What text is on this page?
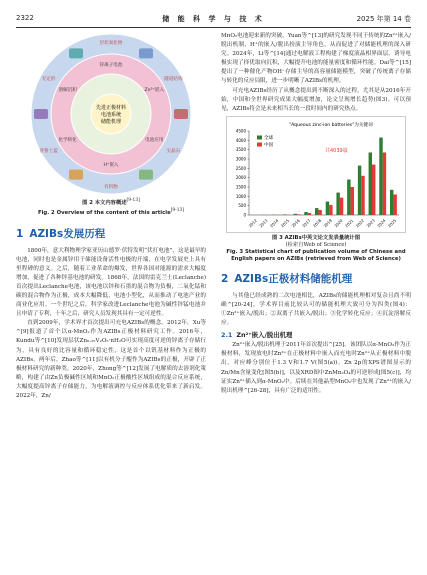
2322	储 能 科 学 与 技 术	2025 年第 14 卷
锌离子电池
Zn²⁺嵌入
电池应用
H⁺嵌入
化学转化
溶解沉积
层状氧化物
隧道结构
尖晶石
有机物
普鲁士蓝
无定形
先进正极材料
电池系统
储能机理

图 2 本文内容概述[9-13]

Fig. 2 Overview of the content of this article[9-13]

1 AZIBs发展历程

1800年，意大利物理学家亚历山德罗·伏特发明“伏打电池”，这是最早的电池，同时也是金属锌用于储能设备活性电极的开端，在电学发展史上具有里程碑的意义。之后，随着工业革命的爆发，世界各国对能源的需求大幅度增加，促进了各种锌基电池的研发。1868年，法国的雷克兰士(Leclanche)首次提出Leclanche电池，该电池以锌和石墨的混合物为负极，二氧化锰和碳的混合物作为正极，成本大幅降低，电池小型化，从而推动了电池产业的商业化应用。一个世纪之后，科学家改进Leclanche电池为碱性锌锰电池并且申请了专利，十年之后，研究人员发现其具有一定可逆性。

直到2009年，学术界才首次提出可充电AZIBs的概念。2012年，Xu等^[9]报道了首个以α-MnO₂作为AZIBs正极材料研究工作。2016年，Kundu等^[10]发现层状Zn₀.₂₅V₂O₅·nH₂O可实现高度可逆的锌离子存储行为，具有良好的比容量和循环稳定性，这是首个以钒基材料作为正极的AZIBs。两年后，Zhao等^[11]以有机分子醌作为AZIBs的正极，开辟了正极材料研究的新种类。2020年，Zhong等^[12]发展了电解质的去溶剂化策略，构建了由Zn负极碱性区域和MnO₂正极酸性区域组成的混合反应系统，大幅度提高锌离子存储能力，为电解液调控与反应体系优化带来了新启发。2022年，Zn/

MnO₂电池迎来新的突破，Yuan等^[13]的研究发现不同于传统的Zn²⁺嵌入/脱出机制，H⁺的嵌入/脱出扮演主导角色，从而促进了对储能机理的深入研究。2024年，Li等^[14]通过电解液工程构建了梯度液晶相界面层，诱导电极实现了择优取向沉积，大幅提升电池的能量密度和循环性能。Dai等^[15]提出了一种催化产物OH⁻存储主导的高容量储能模型，突破了传统离子存储与转化的反应局限，进一步明晰了AZIBs的机理。

可充电AZIBs经历了从概念提出到不断深入的过程，尤其是从2016年开始，中国和全世界研究成果大幅度增加，论文呈现增长趋势(图3)。可以预见，AZIBs将会是未来相当长的一段时间内的研究热点。

"Aqueous zinc-ion batteries"为关键词
0
500
1000
1500
2000
2500
3000
3500
4000
4500
2012 2013 2014 2015 2016 2017 2018 2019 2020 2021 2022 2023 2024 2025
全球
中国
共4039篇

图 3 AZIBs中英文论文发表量统计图

(检索自Web of Science)

Fig. 3 Statistical chart of publication volume of Chinese and English papers on AZIBs (retrieved from Web of Science)

2 AZIBs正极材料储能机理

与其他已经成熟的二次电池相比，AZIBs的储能机理相对复杂且尚不明确^[20-24]，学术界目前比较认可的储能机理大致可分为四类(图4)：①Zn²⁺嵌入/脱出；②双离子共嵌入/脱出；③化学转化反应；④沉淀溶解反应。

2.1 Zn²⁺嵌入/脱出机理

Zn²⁺嵌入/脱出机理于2011年首次提出^[25]。该团队以α-MnO₂作为正极材料，发现放电时Zn²⁺在正极材料中嵌入而充电时Zn²⁺从正极材料中脱出，对应峰分别位于1.3 V和1.7 V(图5(a))。Zn 2p的XPS谱图显示的Zn/Mn含量变化[图5(b)]，以及XRD图中ZnMn₂O₄的可逆形成[图5(c)]，均证实Zn²⁺插入到α-MnO₂中。后续在其他晶型MnO₂中也发现了Zn²⁺的嵌入/脱出机理^[26-28]，具有广泛的适用性。
